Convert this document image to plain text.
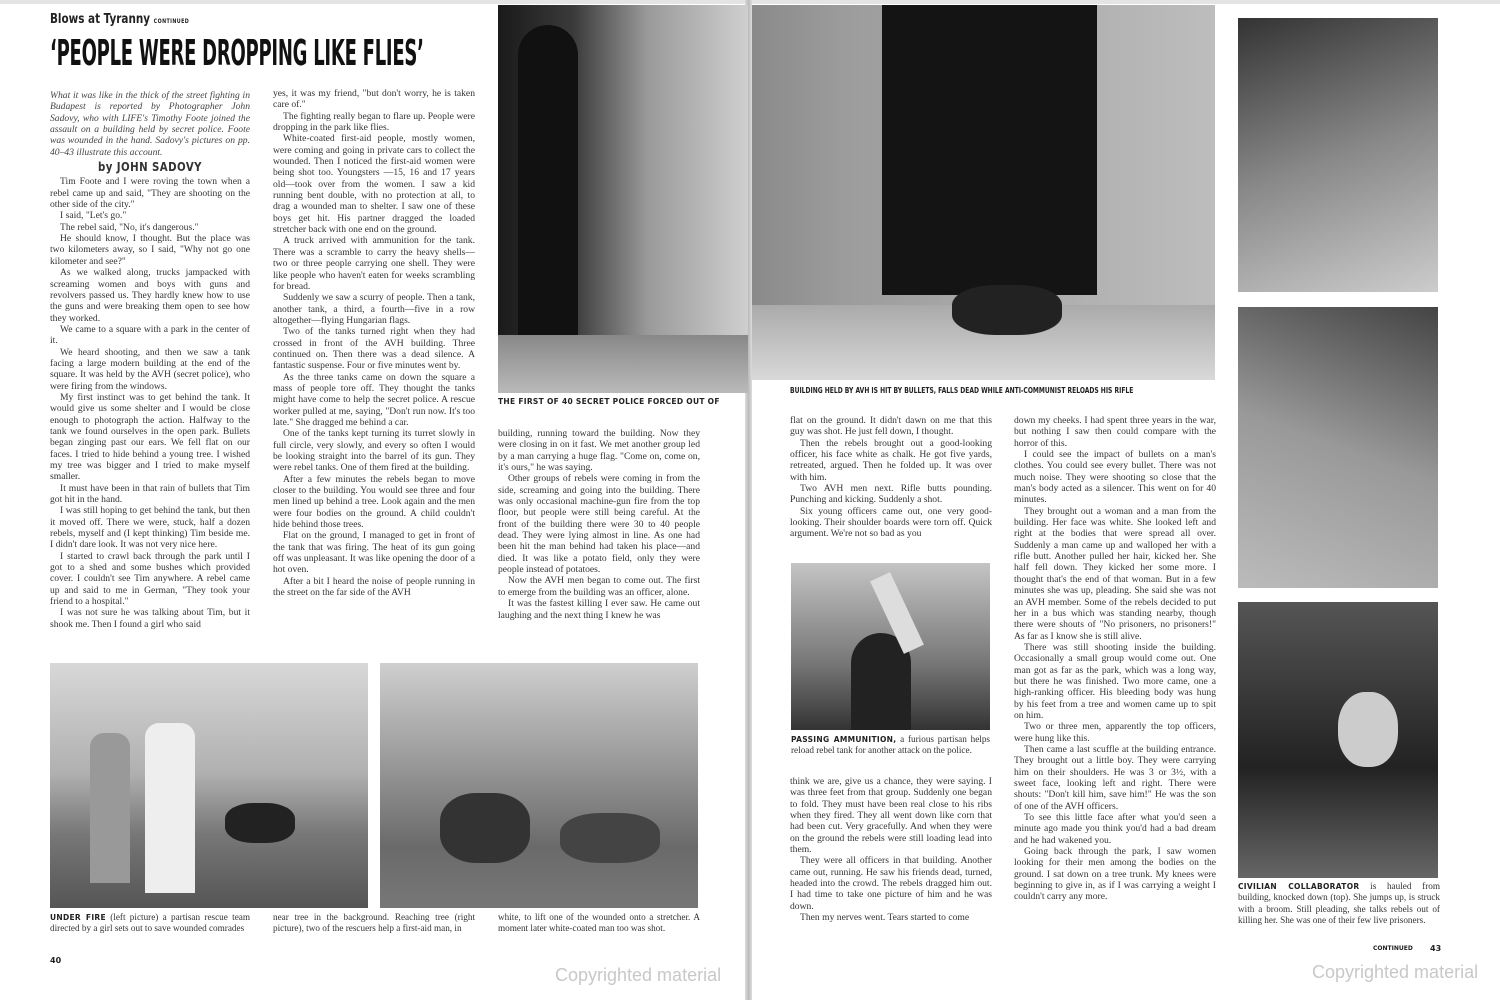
Blows at Tyranny CONTINUED
‘PEOPLE WERE DROPPING LIKE FLIES’

What it was like in the thick of the street fighting in Budapest is reported by Photographer John Sadovy, who with LIFE's Timothy Foote joined the assault on a building held by secret police. Foote was wounded in the hand. Sadovy's pictures on pp. 40–43 illustrate this account.

by JOHN SADOVY

Tim Foote and I were roving the town when a rebel came up and said, "They are shooting on the other side of the city."

I said, "Let's go."

The rebel said, "No, it's dangerous."

He should know, I thought. But the place was two kilometers away, so I said, "Why not go one kilometer and see?"

As we walked along, trucks jampacked with screaming women and boys with guns and revolvers passed us. They hardly knew how to use the guns and were breaking them open to see how they worked.

We came to a square with a park in the center of it.

We heard shooting, and then we saw a tank facing a large modern building at the end of the square. It was held by the AVH (secret police), who were firing from the windows.

My first instinct was to get behind the tank. It would give us some shelter and I would be close enough to photograph the action. Halfway to the tank we found ourselves in the open park. Bullets began zinging past our ears. We fell flat on our faces. I tried to hide behind a young tree. I wished my tree was bigger and I tried to make myself smaller.

It must have been in that rain of bullets that Tim got hit in the hand.

I was still hoping to get behind the tank, but then it moved off. There we were, stuck, half a dozen rebels, myself and (I kept thinking) Tim beside me. I didn't dare look. It was not very nice here.

I started to crawl back through the park until I got to a shed and some bushes which provided cover. I couldn't see Tim anywhere. A rebel came up and said to me in German, "They took your friend to a hospital."

I was not sure he was talking about Tim, but it shook me. Then I found a girl who said

yes, it was my friend, "but don't worry, he is taken care of."

The fighting really began to flare up. People were dropping in the park like flies.

White-coated first-aid people, mostly women, were coming and going in private cars to collect the wounded. Then I noticed the first-aid women were being shot too. Youngsters —15, 16 and 17 years old—took over from the women. I saw a kid running bent double, with no protection at all, to drag a wounded man to shelter. I saw one of these boys get hit. His partner dragged the loaded stretcher back with one end on the ground.

A truck arrived with ammunition for the tank. There was a scramble to carry the heavy shells—two or three people carrying one shell. They were like people who haven't eaten for weeks scrambling for bread.

Suddenly we saw a scurry of people. Then a tank, another tank, a third, a fourth—five in a row altogether—flying Hungarian flags.

Two of the tanks turned right when they had crossed in front of the AVH building. Three continued on. Then there was a dead silence. A fantastic suspense. Four or five minutes went by.

As the three tanks came on down the square a mass of people tore off. They thought the tanks might have come to help the secret police. A rescue worker pulled at me, saying, "Don't run now. It's too late." She dragged me behind a car.

One of the tanks kept turning its turret slowly in full circle, very slowly, and every so often I would be looking straight into the barrel of its gun. They were rebel tanks. One of them fired at the building.

After a few minutes the rebels began to move closer to the building. You would see three and four men lined up behind a tree. Look again and the men were four bodies on the ground. A child couldn't hide behind those trees.

Flat on the ground, I managed to get in front of the tank that was firing. The heat of its gun going off was unpleasant. It was like opening the door of a hot oven.

After a bit I heard the noise of people running in the street on the far side of the AVH

building, running toward the building. Now they were closing in on it fast. We met another group led by a man carrying a huge flag. "Come on, come on, it's ours," he was saying.

Other groups of rebels were coming in from the side, screaming and going into the building. There was only occasional machine-gun fire from the top floor, but people were still being careful. At the front of the building there were 30 to 40 people dead. They were lying almost in line. As one had been hit the man behind had taken his place—and died. It was like a potato field, only they were people instead of potatoes.

Now the AVH men began to come out. The first to emerge from the building was an officer, alone.

It was the fastest killing I ever saw. He came out laughing and the next thing I knew he was

THE FIRST OF 40 SECRET POLICE FORCED OUT OF
BUILDING HELD BY AVH IS HIT BY BULLETS, FALLS DEAD WHILE ANTI-COMMUNIST RELOADS HIS RIFLE

flat on the ground. It didn't dawn on me that this guy was shot. He just fell down, I thought.

Then the rebels brought out a good-looking officer, his face white as chalk. He got five yards, retreated, argued. Then he folded up. It was over with him.

Two AVH men next. Rifle butts pounding. Punching and kicking. Suddenly a shot.

Six young officers came out, one very good-looking. Their shoulder boards were torn off. Quick argument. We're not so bad as you

PASSING AMMUNITION, a furious partisan helps reload rebel tank for another attack on the police.

think we are, give us a chance, they were saying. I was three feet from that group. Suddenly one began to fold. They must have been real close to his ribs when they fired. They all went down like corn that had been cut. Very gracefully. And when they were on the ground the rebels were still loading lead into them.

They were all officers in that building. Another came out, running. He saw his friends dead, turned, headed into the crowd. The rebels dragged him out. I had time to take one picture of him and he was down.

Then my nerves went. Tears started to come

down my cheeks. I had spent three years in the war, but nothing I saw then could compare with the horror of this.

I could see the impact of bullets on a man's clothes. You could see every bullet. There was not much noise. They were shooting so close that the man's body acted as a silencer. This went on for 40 minutes.

They brought out a woman and a man from the building. Her face was white. She looked left and right at the bodies that were spread all over. Suddenly a man came up and walloped her with a rifle butt. Another pulled her hair, kicked her. She half fell down. They kicked her some more. I thought that's the end of that woman. But in a few minutes she was up, pleading. She said she was not an AVH member. Some of the rebels decided to put her in a bus which was standing nearby, though there were shouts of "No prisoners, no prisoners!" As far as I know she is still alive.

There was still shooting inside the building. Occasionally a small group would come out. One man got as far as the park, which was a long way, but there he was finished. Two more came, one a high-ranking officer. His bleeding body was hung by his feet from a tree and women came up to spit on him.

Two or three men, apparently the top officers, were hung like this.

Then came a last scuffle at the building entrance. They brought out a little boy. They were carrying him on their shoulders. He was 3 or 3½, with a sweet face, looking left and right. There were shouts: "Don't kill him, save him!" He was the son of one of the AVH officers.

To see this little face after what you'd seen a minute ago made you think you'd had a bad dream and he had wakened you.

Going back through the park, I saw women looking for their men among the bodies on the ground. I sat down on a tree trunk. My knees were beginning to give in, as if I was carrying a weight I couldn't carry any more.

UNDER FIRE (left picture) a partisan rescue team directed by a girl sets out to save wounded comrades
near tree in the background. Reaching tree (right picture), two of the rescuers help a first-aid man, in
white, to lift one of the wounded onto a stretcher. A moment later white-coated man too was shot.
CIVILIAN COLLABORATOR is hauled from building, knocked down (top). She jumps up, is struck with a broom. Still pleading, she talks rebels out of killing her. She was one of their few live prisoners.
40
CONTINUED 43
Copyrighted material	Copyrighted material
